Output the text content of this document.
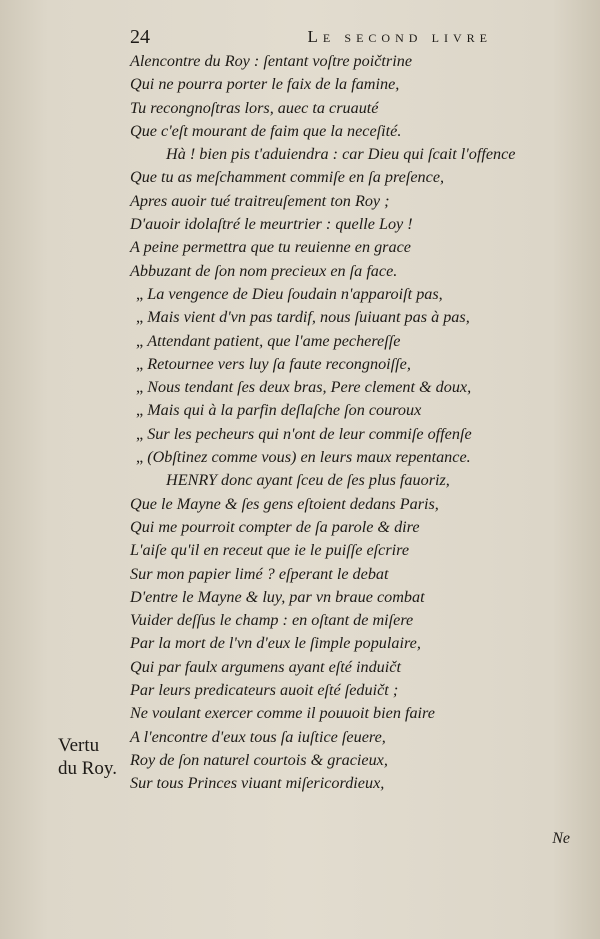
24	Le second livre
Alencontre du Roy : ſentant voſtre poičtrine
Qui ne pourra porter le faix de la famine,
Tu recongnoſtras lors, auec ta cruauté
Que c'eſt mourant de faim que la neceſité.
Hà ! bien pis t'aduiendra : car Dieu qui ſcait l'offence
Que tu as meſchamment commiſe en ſa preſence,
Apres auoir tué traitreuſement ton Roy ;
D'auoir idolaſtré le meurtrier : quelle Loy !
A peine permettra que tu reuienne en grace
Abbuzant de ſon nom precieux en ſa face.
„ La vengence de Dieu ſoudain n'apparoiſt pas,
„ Mais vient d'vn pas tardif, nous ſuiuant pas à pas,
„ Attendant patient, que l'ame pechereſſe
„ Retournee vers luy ſa faute recongnoiſſe,
„ Nous tendant ſes deux bras, Pere clement & doux,
„ Mais qui à la parfin deſlaſche ſon couroux
„ Sur les pecheurs qui n'ont de leur commiſe offenſe
„ (Obſtinez comme vous) en leurs maux repentance.
HENRY donc ayant ſceu de ſes plus fauoriz,
Que le Mayne & ſes gens eſtoient dedans Paris,
Qui me pourroit compter de ſa parole & dire
L'aiſe qu'il en receut que ie le puiſſe eſcrire
Sur mon papier limé ? eſperant le debat
D'entre le Mayne & luy, par vn braue combat
Vuider deſſus le champ : en oſtant de miſere
Par la mort de l'vn d'eux le ſimple populaire,
Qui par faulx argumens ayant eſté induičt
Par leurs predicateurs auoit eſté ſeduičt ;
Ne voulant exercer comme il pouuoit bien faire
A l'encontre d'eux tous ſa iuſtice ſeuere,
Roy de ſon naturel courtois & gracieux,
Sur tous Princes viuant miſericordieux,
Vertu
du Roy.
Ne
